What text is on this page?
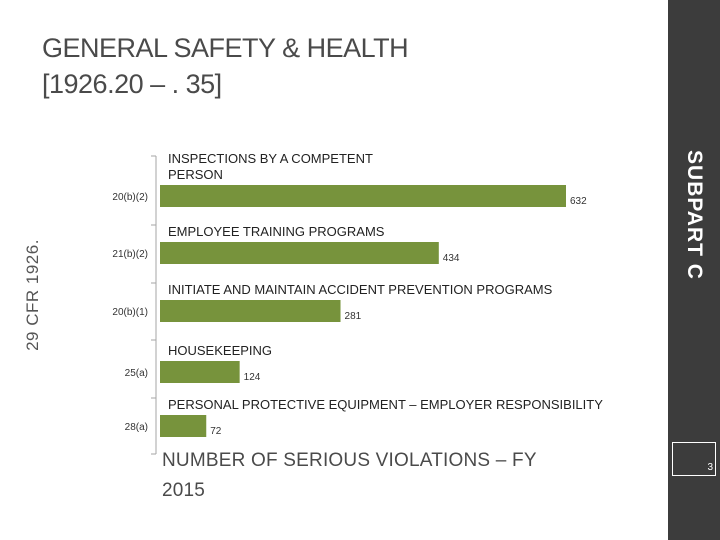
GENERAL SAFETY & HEALTH
[1926.20 – . 35]
SUBPART C
3
29 CFR 1926.
NUMBER OF SERIOUS VIOLATIONS – FY 2015
632
20(b)(2)
INSPECTIONS BY A COMPETENT
PERSON
434
21(b)(2)
EMPLOYEE TRAINING PROGRAMS
281
20(b)(1)
INITIATE AND MAINTAIN ACCIDENT PREVENTION PROGRAMS
124
25(a)
HOUSEKEEPING
72
28(a)
PERSONAL PROTECTIVE EQUIPMENT – EMPLOYER RESPONSIBILITY
